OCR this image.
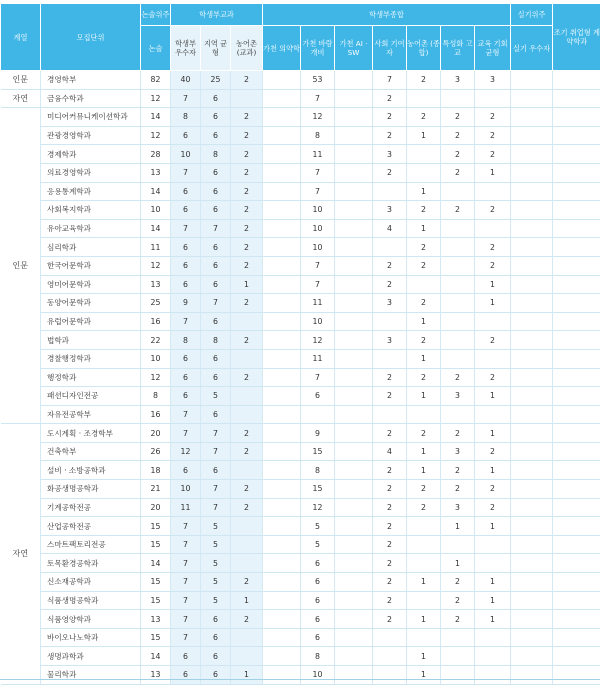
계열	모집단위	논술위주	학생부교과			학생부종합							실기위주	조기 취업형 계약학과
		논술	학생부 우수자	지역 균형	농어촌 (교과)	가천 의약학	가천 바람 개비	가천 AI · SW	사회 기여자	농어촌 (종합)	특성화 고교	교육 기회 균형	실기 우수자	
인문	경영학부	82	40	25	2		53		7	2	3	3		
자연	금융수학과	12	7	6			7		2					
인문	미디어커뮤니케이션학과	14	8	6	2		12		2	2	2	2		
	관광경영학과	12	6	6	2		8		2	1	2	2		
	경제학과	28	10	8	2		11		3		2	2		
	의료경영학과	13	7	6	2		7		2		2	1		
	응용통계학과	14	6	6	2		7			1				
	사회복지학과	10	6	6	2		10		3	2	2	2		
	유아교육학과	14	7	7	2		10		4	1				
	심리학과	11	6	6	2		10			2		2		
	한국어문학과	12	6	6	2		7		2	2		2		
	영미어문학과	13	6	6	1		7		2			1		
	동양어문학과	25	9	7	2		11		3	2		1		
	유럽어문학과	16	7	6			10			1				
	법학과	22	8	8	2		12		3	2		2		
	경찰행정학과	10	6	6			11			1				
	행정학과	12	6	6	2		7		2	2	2	2		
	패션디자인전공	8	6	5			6		2	1	3	1		
	자유전공학부	16	7	6										
자연	도시계획 · 조경학부	20	7	7	2		9		2	2	2	1		
	건축학부	26	12	7	2		15		4	1	3	2		
	설비 · 소방공학과	18	6	6			8		2	1	2	1		
	화공생명공학과	21	10	7	2		15		2	2	2	2		
	기계공학전공	20	11	7	2		12		2	2	3	2		
	산업공학전공	15	7	5			5		2		1	1		
	스마트팩토리전공	15	7	5			5		2					
	토목환경공학과	14	7	5			6		2		1			
	신소재공학과	15	7	5	2		6		2	1	2	1		
	식품생명공학과	15	7	5	1		6		2		2	1		
	식품영양학과	13	7	6	2		6		2	1	2	1		
	바이오나노학과	15	7	6			6							
	생명과학과	14	6	6			8			1				
	물리학과	13	6	6	1		10			1				
